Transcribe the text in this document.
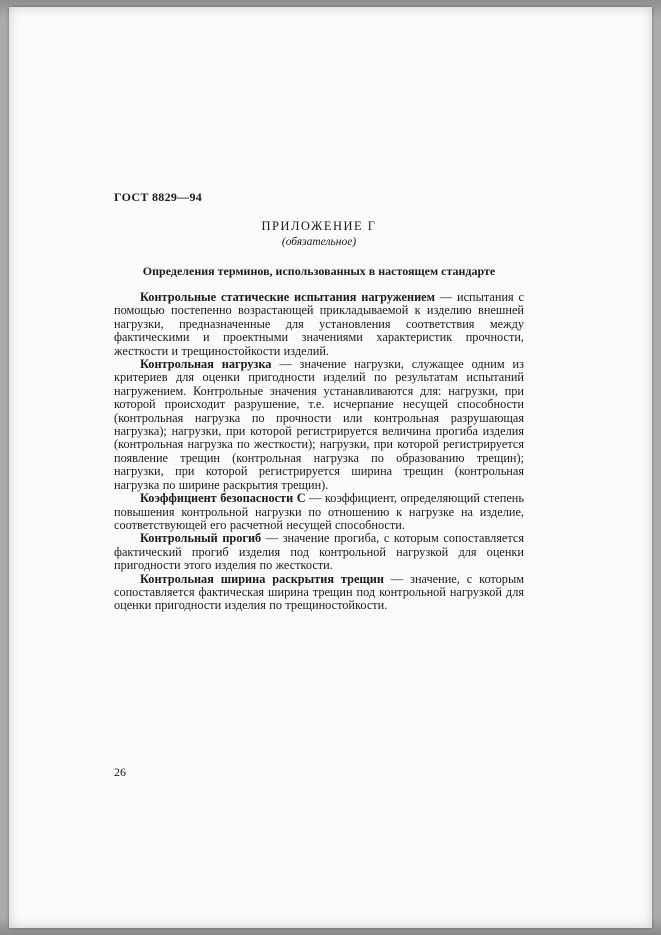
ГОСТ 8829—94
ПРИЛОЖЕНИЕ Г
(обязательное)
Определения терминов, использованных в настоящем стандарте

Контрольные статические испытания нагружением — испытания с помощью постепенно возрастающей прикладываемой к изделию внешней нагрузки, предназначенные для установления соответствия между фактическими и проектными значениями характеристик прочности, жесткости и трещиностойкости изделий.

Контрольная нагрузка — значение нагрузки, служащее одним из критериев для оценки пригодности изделий по результатам испытаний нагружением. Контрольные значения устанавливаются для: нагрузки, при которой происходит разрушение, т.е. исчерпание несущей способности (контрольная нагрузка по прочности или контрольная разрушающая нагрузка); нагрузки, при которой регистрируется величина прогиба изделия (контрольная нагрузка по жесткости); нагрузки, при которой регистрируется появление трещин (контрольная нагрузка по образованию трещин); нагрузки, при которой регистрируется ширина трещин (контрольная нагрузка по ширине раскрытия трещин).

Коэффициент безопасности С — коэффициент, определяющий степень повышения контрольной нагрузки по отношению к нагрузке на изделие, соответствующей его расчетной несущей способности.

Контрольный прогиб — значение прогиба, с которым сопоставляется фактический прогиб изделия под контрольной нагрузкой для оценки пригодности этого изделия по жесткости.

Контрольная ширина раскрытия трещин — значение, с которым сопоставляется фактическая ширина трещин под контрольной нагрузкой для оценки пригодности изделия по трещиностойкости.

26
